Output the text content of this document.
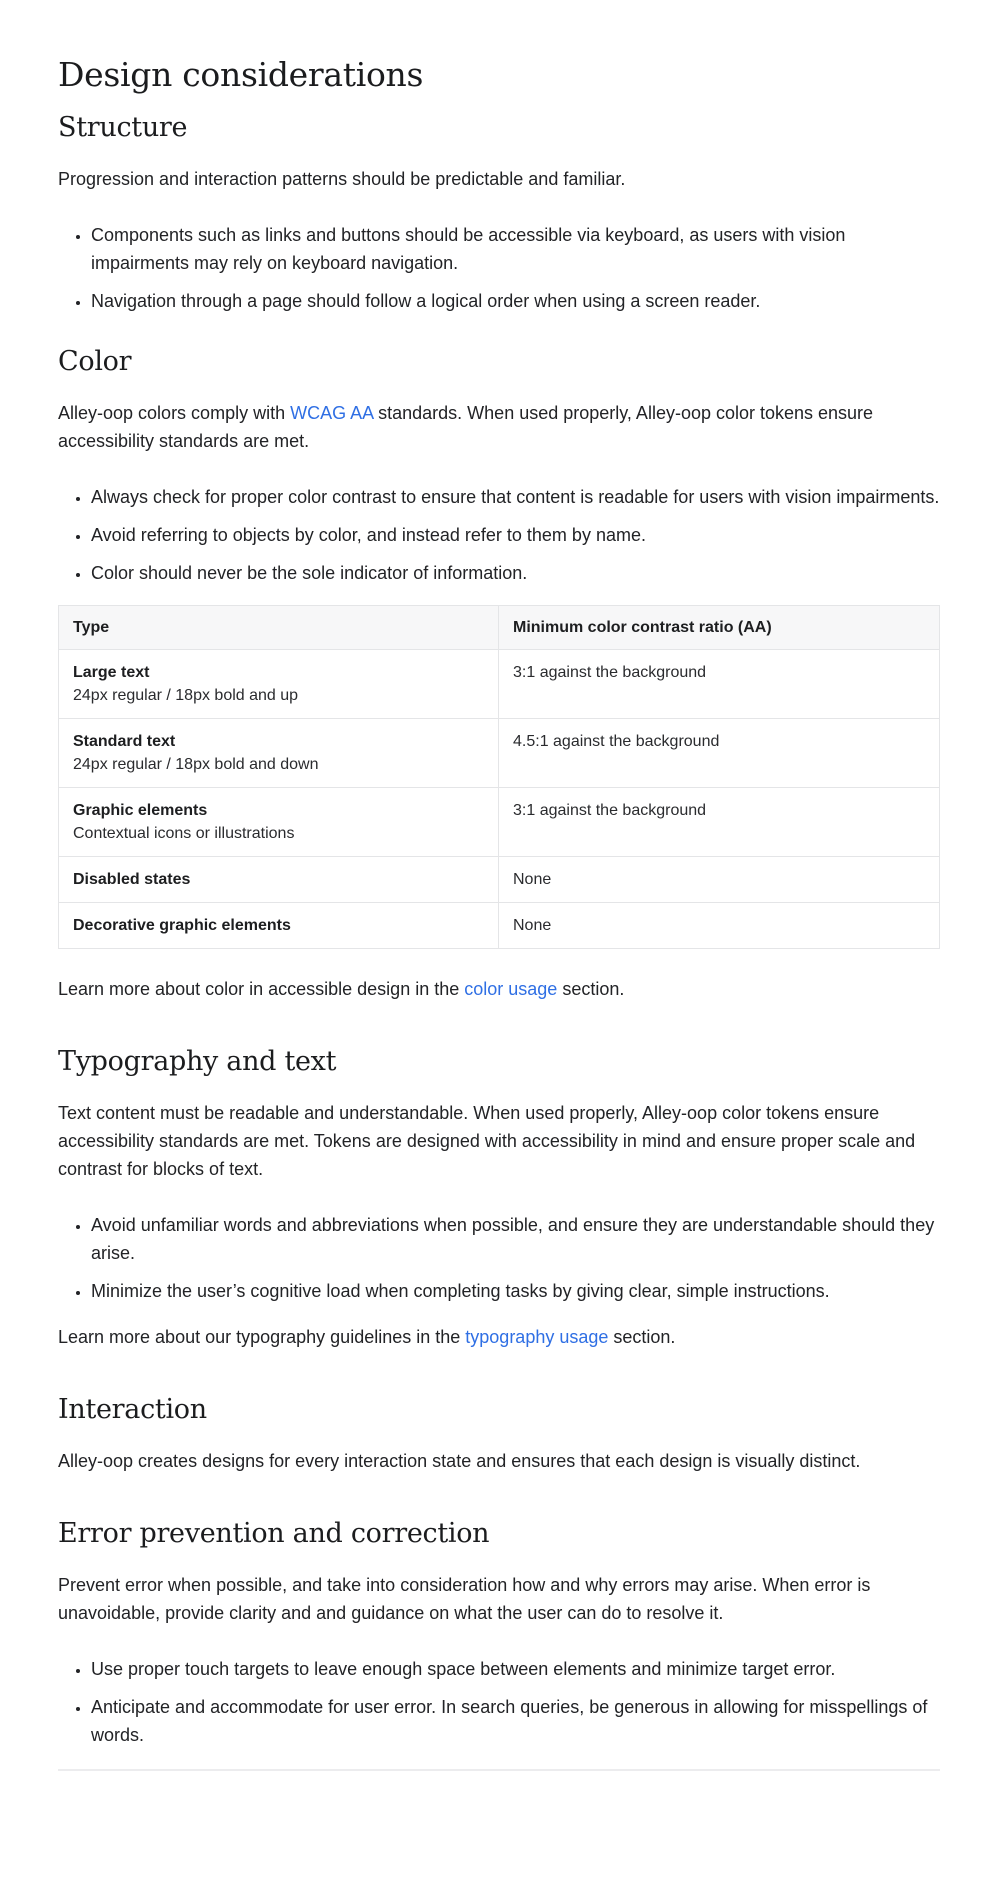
Design considerations
Structure

Progression and interaction patterns should be predictable and familiar.

• Components such as links and buttons should be accessible via keyboard, as users with vision impairments may rely on keyboard navigation.
• Navigation through a page should follow a logical order when using a screen reader.
Color

Alley-oop colors comply with WCAG AA standards. When used properly, Alley-oop color tokens ensure accessibility standards are met.

• Always check for proper color contrast to ensure that content is readable for users with vision impairments.
• Avoid referring to objects by color, and instead refer to them by name.
• Color should never be the sole indicator of information.
Type	Minimum color contrast ratio (AA)

Large text
24px regular / 18px bold and up	3:1 against the background

Standard text
24px regular / 18px bold and down	4.5:1 against the background

Graphic elements
Contextual icons or illustrations	3:1 against the background

Disabled states	None

Decorative graphic elements	None

Learn more about color in accessible design in the color usage section.

Typography and text

Text content must be readable and understandable. When used properly, Alley-oop color tokens ensure accessibility standards are met. Tokens are designed with accessibility in mind and ensure proper scale and contrast for blocks of text.

• Avoid unfamiliar words and abbreviations when possible, and ensure they are understandable should they arise.
• Minimize the user’s cognitive load when completing tasks by giving clear, simple instructions.

Learn more about our typography guidelines in the typography usage section.

Interaction

Alley-oop creates designs for every interaction state and ensures that each design is visually distinct.

Error prevention and correction

Prevent error when possible, and take into consideration how and why errors may arise. When error is unavoidable, provide clarity and and guidance on what the user can do to resolve it.

• Use proper touch targets to leave enough space between elements and minimize target error.
• Anticipate and accommodate for user error. In search queries, be generous in allowing for misspellings of words.
